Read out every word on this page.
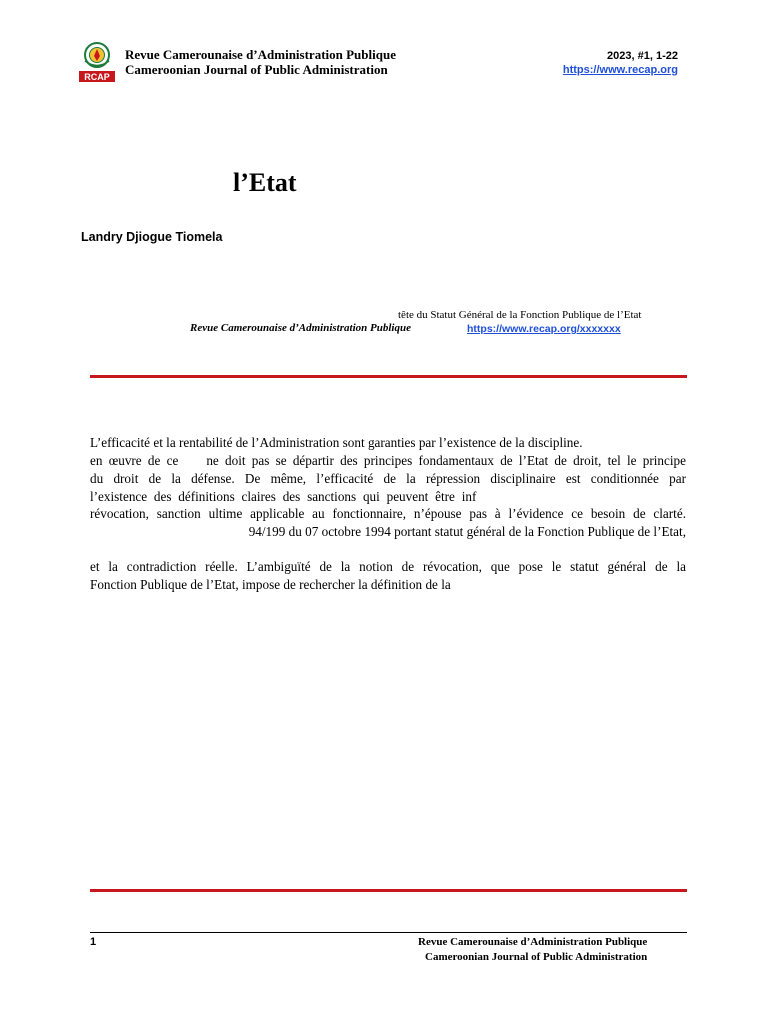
RCAP
Revue Camerounaise d’Administration Publique
Cameroonian Journal of Public Administration
2023, #1, 1-22
https://www.recap.org
l’Etat
Landry Djiogue Tiomela
tête du Statut Général de la Fonction Publique de l’Etat
Revue Camerounaise d’Administration Publique	https://www.recap.org/xxxxxxx
L’efficacité et la rentabilité de l’Administration sont garanties par l’existence de la discipline.
en œuvre de ce ne doit pas se départir des principes fondamentaux de l’Etat de droit, tel le principe
du droit de la défense. De même, l’efficacité de la répression disciplinaire est conditionnée par
l’existence des définitions claires des sanctions qui peuvent être inf
révocation, sanction ultime applicable au fonctionnaire, n’épouse pas à l’évidence ce besoin de clarté.
94/199 du 07 octobre 1994 portant statut général de la Fonction Publique de l’Etat,
et la contradiction réelle. L’ambiguïté de la notion de révocation, que pose le statut général de la
Fonction Publique de l’Etat, impose de rechercher la définition de la
1	Revue Camerounaise d’Administration Publique
Cameroonian Journal of Public Administration
